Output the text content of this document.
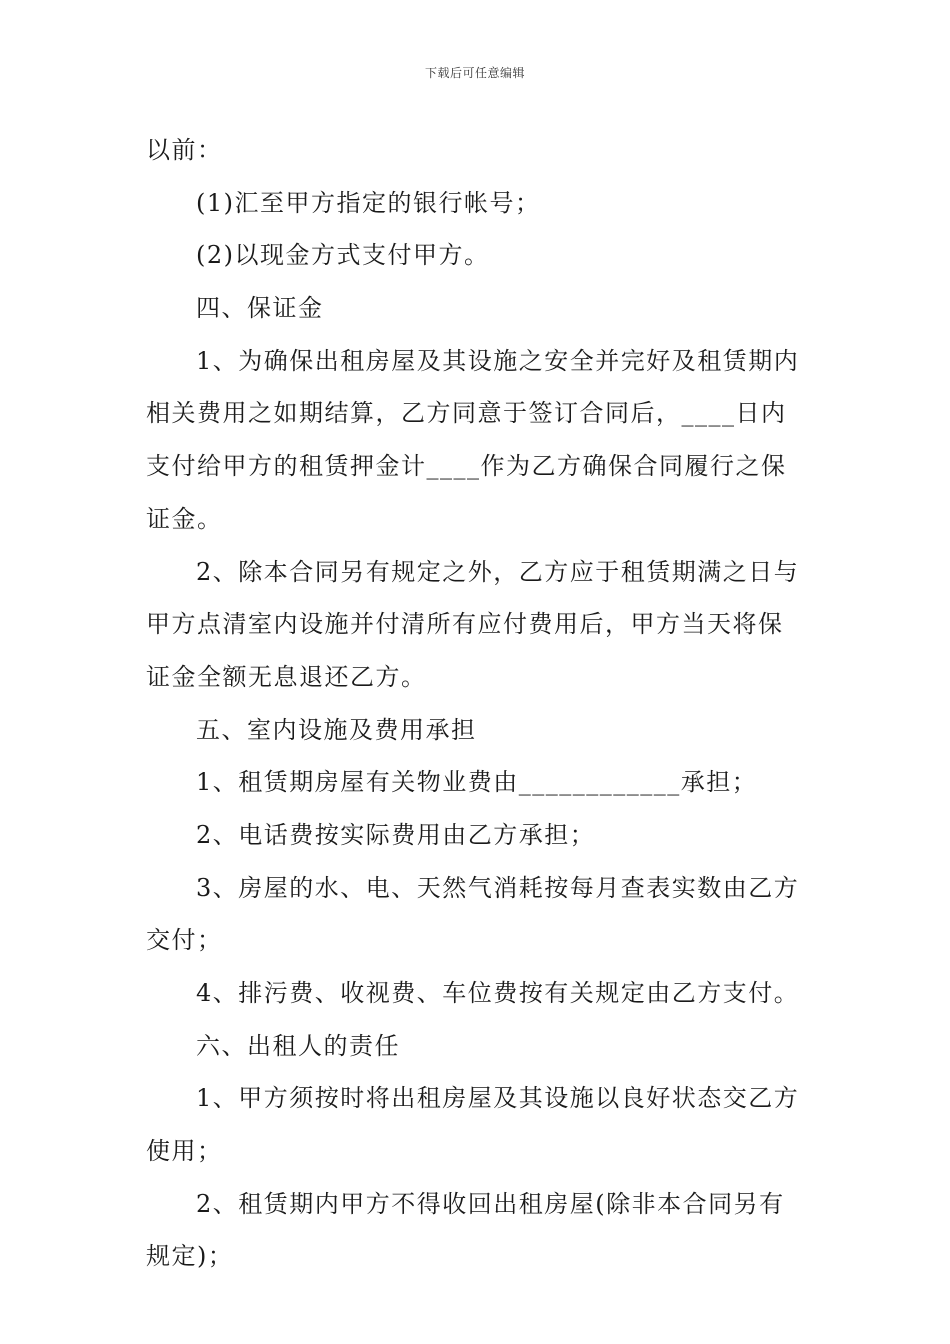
下载后可任意编辑
以前：
(1)汇至甲方指定的银行帐号；
(2)以现金方式支付甲方。
四、保证金
1、为确保出租房屋及其设施之安全并完好及租赁期内
相关费用之如期结算，乙方同意于签订合同后，____日内
支付给甲方的租赁押金计____作为乙方确保合同履行之保
证金。
2、除本合同另有规定之外，乙方应于租赁期满之日与
甲方点清室内设施并付清所有应付费用后，甲方当天将保
证金全额无息退还乙方。
五、室内设施及费用承担
1、租赁期房屋有关物业费由____________承担；
2、电话费按实际费用由乙方承担；
3、房屋的水、电、天然气消耗按每月查表实数由乙方
交付；
4、排污费、收视费、车位费按有关规定由乙方支付。
六、出租人的责任
1、甲方须按时将出租房屋及其设施以良好状态交乙方
使用；
2、租赁期内甲方不得收回出租房屋(除非本合同另有
规定)；
